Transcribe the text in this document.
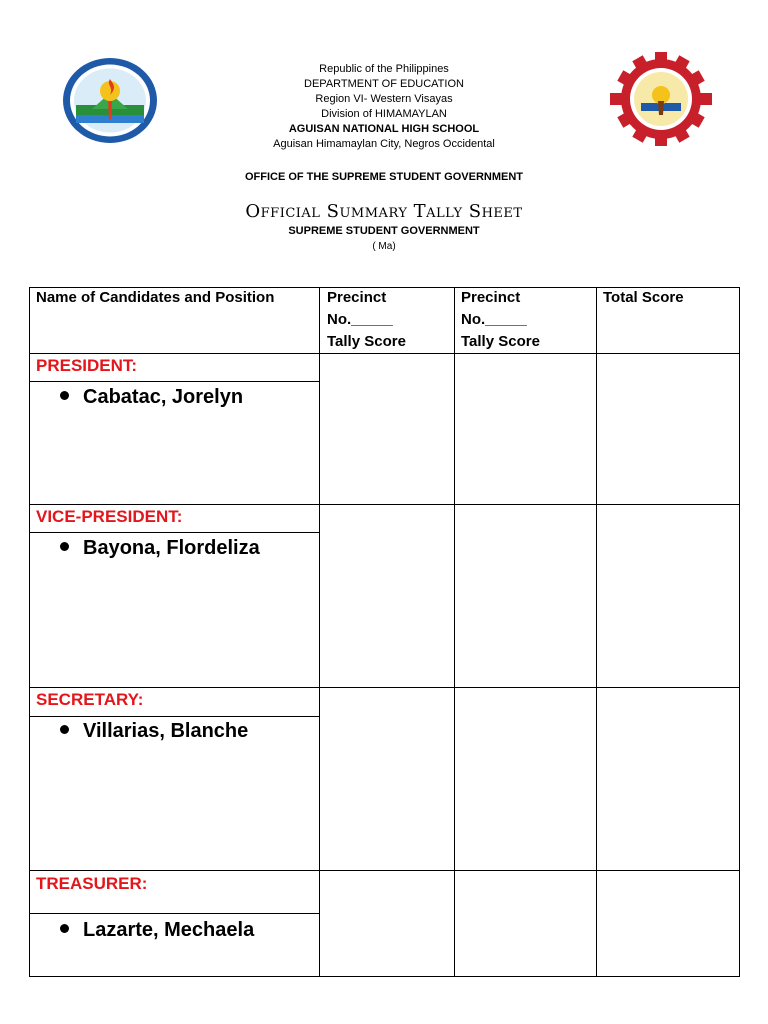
Republic of the Philippines
DEPARTMENT OF EDUCATION
Region VI- Western Visayas
Division of HIMAMAYLAN
AGUISAN NATIONAL HIGH SCHOOL
Aguisan Himamaylan City, Negros Occidental
OFFICE OF THE SUPREME STUDENT GOVERNMENT
Official Summary Tally Sheet
SUPREME STUDENT GOVERNMENT
( Ma)
Name of Candidates and Position	Precinct
No._____
Tally Score
Precinct
No._____
Tally Score
Total Score
PRESIDENT:
Cabatac, Jorelyn
VICE-PRESIDENT:
Bayona, Flordeliza
SECRETARY:
Villarias, Blanche
TREASURER:
Lazarte, Mechaela
